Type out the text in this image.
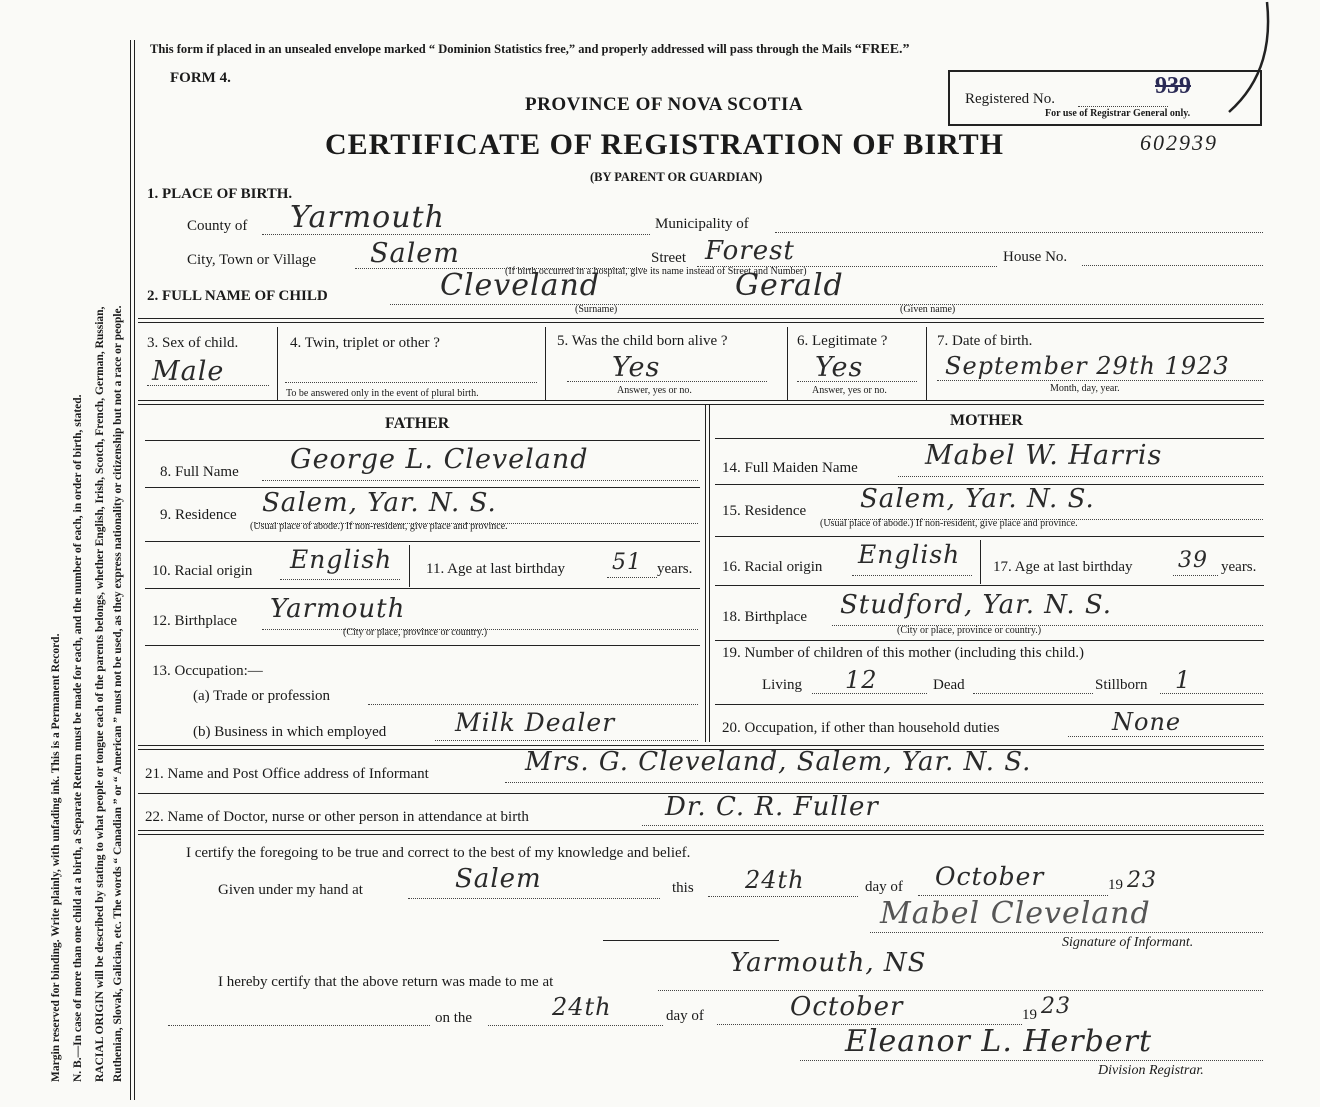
Margin reserved for binding. Write plainly, with unfading ink. This is a Permanent Record. N. B.—In case of more than one child at a birth, a Separate Return must be made for each, and the number of each, in order of birth, stated. RACIAL ORIGIN will be described by stating to what people or tongue each of the parents belongs, whether English, Irish, Scotch, French, German, Russian, Ruthenian, Slovak, Galician, etc. The words “ Canadian ” or “ American ” must not be used, as they express nationality or citizenship but not a race or people.
This form if placed in an unsealed envelope marked “ Dominion Statistics free,” and properly addressed will pass through the Mails “FREE.”
FORM 4.
PROVINCE OF NOVA SCOTIA
CERTIFICATE OF REGISTRATION OF BIRTH
(BY PARENT OR GUARDIAN)
Registered No.	939
For use of Registrar General only.
602939
1. PLACE OF BIRTH.
County of Yarmouth	Municipality of
City, Town or Village Salem	Street Forest	House No.
(If birth occurred in a hospital, give its name instead of Street and Number)
2. FULL NAME OF CHILD	Cleveland	Gerald
(Surname)	(Given name)
3. Sex of child.
Male
4. Twin, triplet or other ?
To be answered only in the event of plural birth.
5. Was the child born alive ?
Yes
Answer, yes or no.
6. Legitimate ?
Yes
Answer, yes or no.
7. Date of birth.
September 29th 1923
Month, day, year.
FATHER	MOTHER
8. Full Name George L. Cleveland
9. Residence Salem, Yar. N. S.
(Usual place of abode.) If non-resident, give place and province.
10. Racial origin English 11. Age at last birthday 51 years.
12. Birthplace Yarmouth
(City or place, province or country.)
13. Occupation:—
(a) Trade or profession
(b) Business in which employed	Milk Dealer
14. Full Maiden Name Mabel W. Harris
15. Residence Salem, Yar. N. S.
(Usual place of abode.) If non-resident, give place and province.
16. Racial origin English 17. Age at last birthday 39 years.
18. Birthplace Studford, Yar. N. S.
(City or place, province or country.)
19. Number of children of this mother (including this child.)
Living 12	Dead	Stillborn 1
20. Occupation, if other than household duties	None
21. Name and Post Office address of Informant	Mrs. G. Cleveland, Salem, Yar. N. S.
22. Name of Doctor, nurse or other person in attendance at birth	Dr. C. R. Fuller
I certify the foregoing to be true and correct to the best of my knowledge and belief.
Given under my hand at	Salem	this 24th	day of October	19 23
Mabel Cleveland
Signature of Informant.
I hereby certify that the above return was made to me at
Yarmouth, NS
on the	24th	day of	October	19 23
Eleanor L. Herbert
Division Registrar.
